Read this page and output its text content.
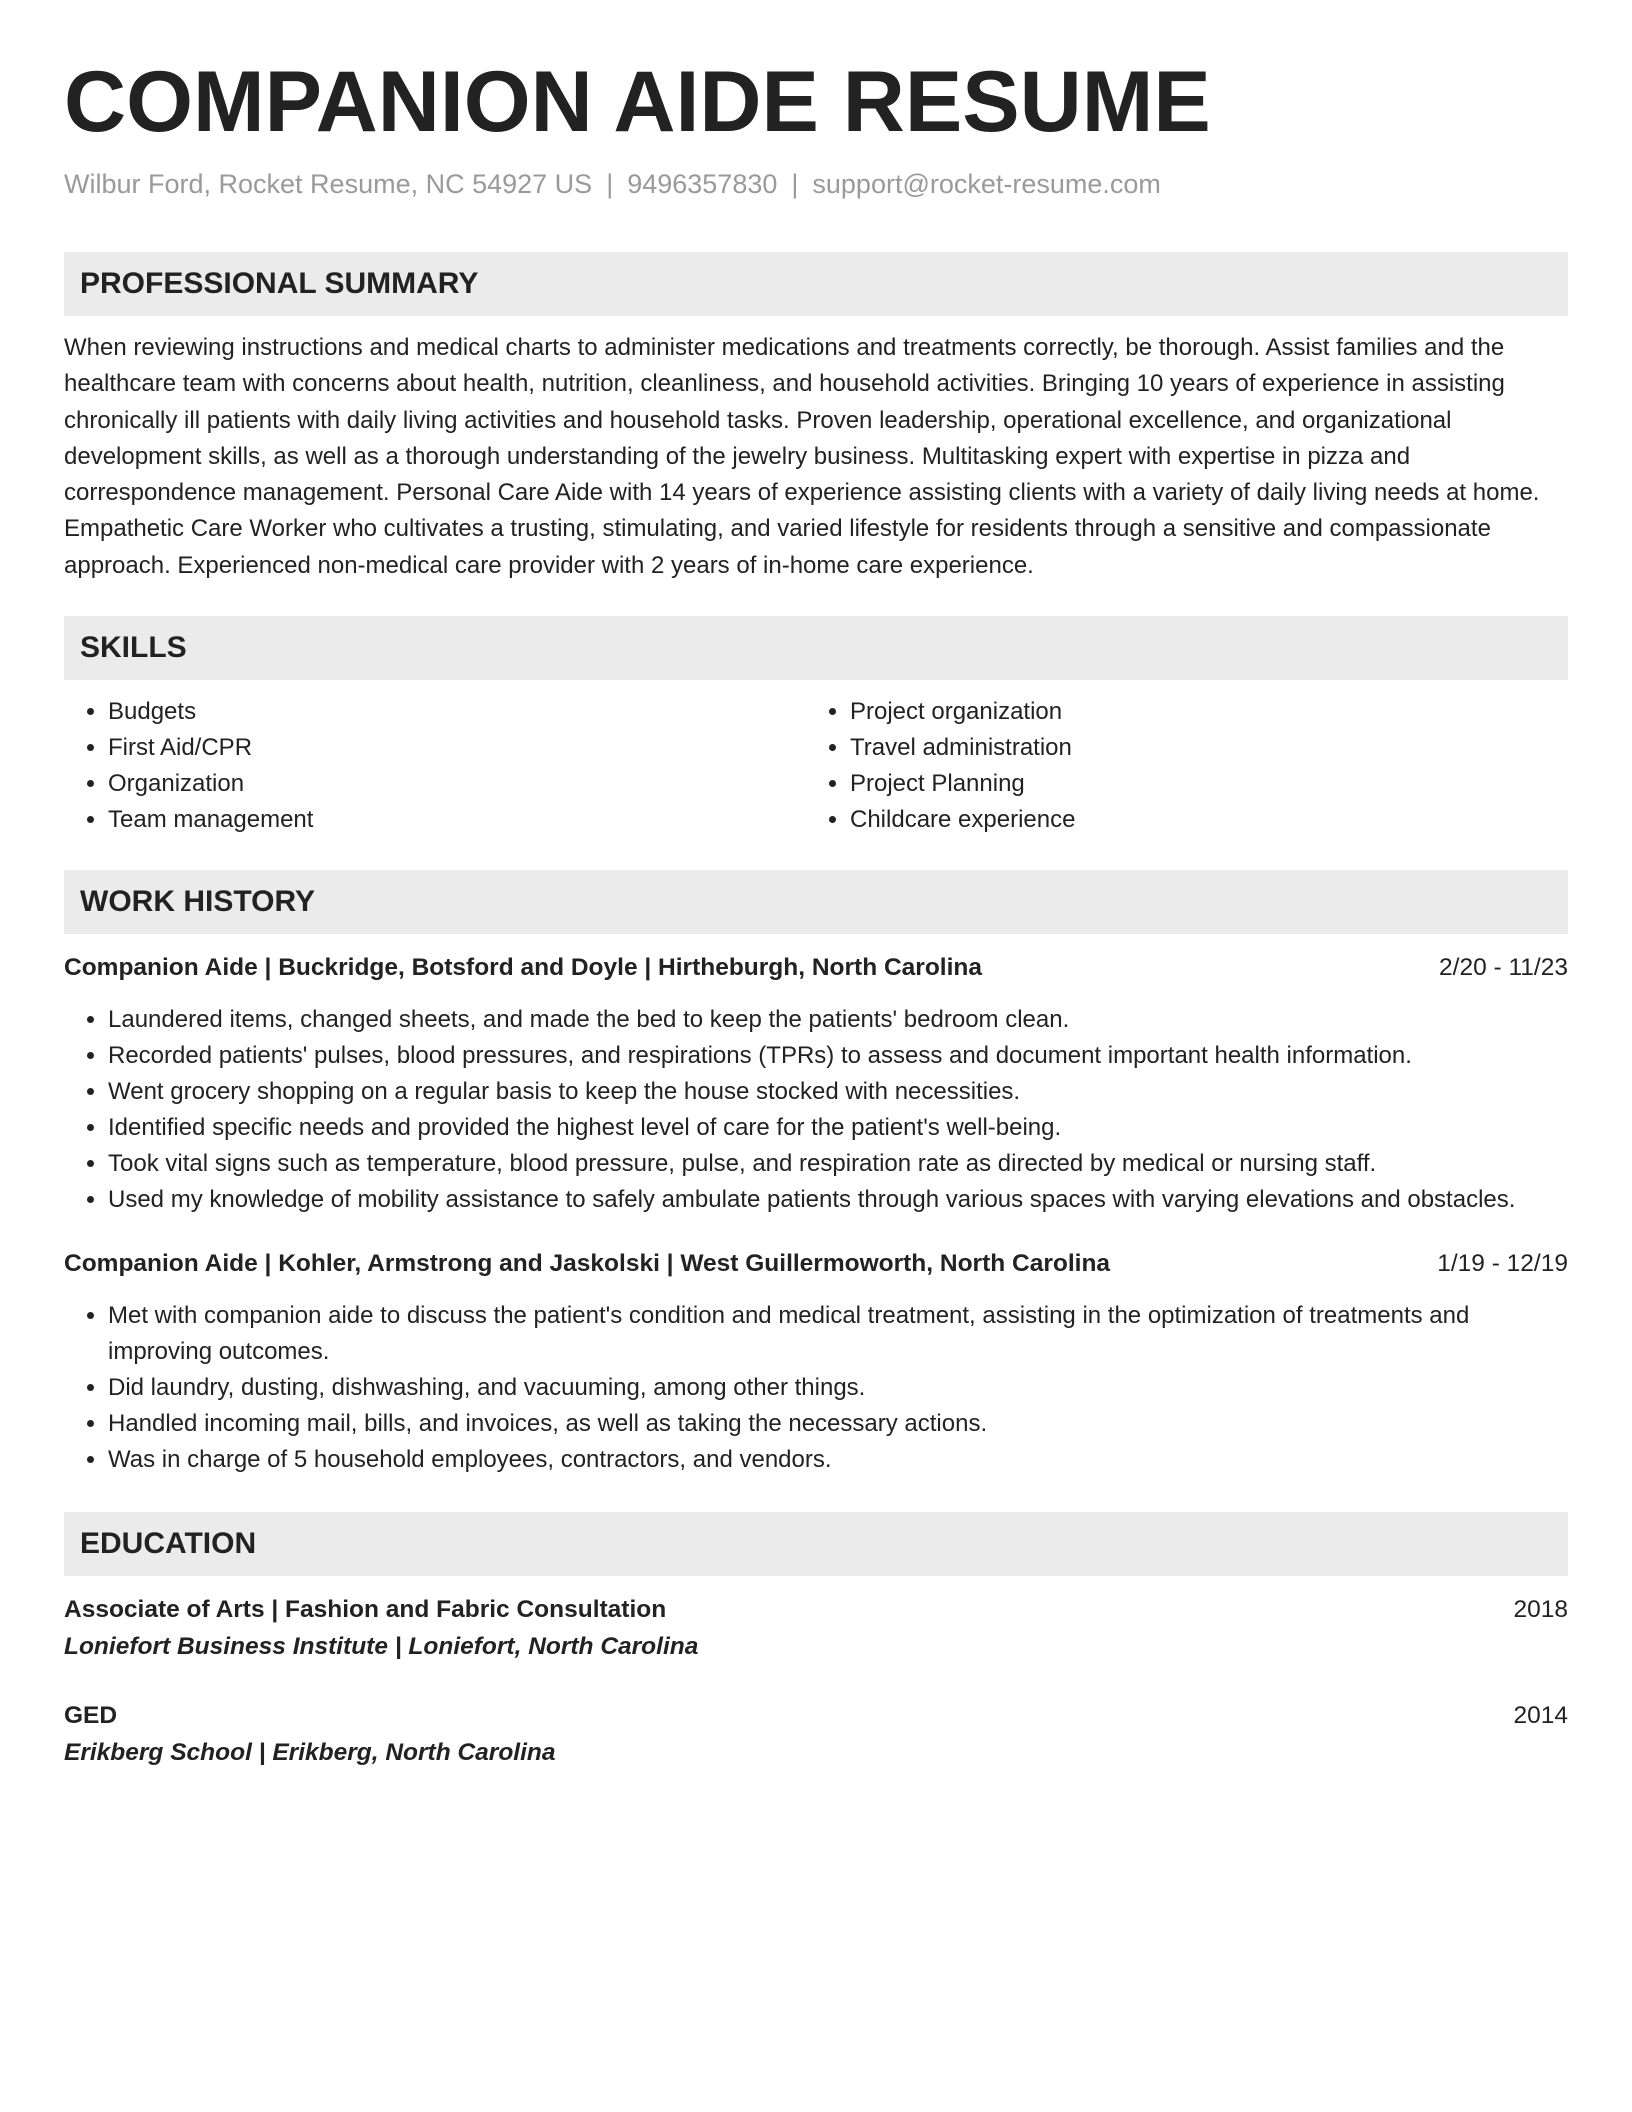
COMPANION AIDE RESUME
Wilbur Ford, Rocket Resume, NC 54927 US | 9496357830 | support@rocket-resume.com
PROFESSIONAL SUMMARY
When reviewing instructions and medical charts to administer medications and treatments correctly, be thorough. Assist families and the healthcare team with concerns about health, nutrition, cleanliness, and household activities. Bringing 10 years of experience in assisting chronically ill patients with daily living activities and household tasks. Proven leadership, operational excellence, and organizational development skills, as well as a thorough understanding of the jewelry business. Multitasking expert with expertise in pizza and correspondence management. Personal Care Aide with 14 years of experience assisting clients with a variety of daily living needs at home. Empathetic Care Worker who cultivates a trusting, stimulating, and varied lifestyle for residents through a sensitive and compassionate approach. Experienced non-medical care provider with 2 years of in-home care experience.
SKILLS
• Budgets
• First Aid/CPR
• Organization
• Team management
• Project organization
• Travel administration
• Project Planning
• Childcare experience
WORK HISTORY
Companion Aide | Buckridge, Botsford and Doyle | Hirtheburgh, North Carolina	2/20 - 11/23
• Laundered items, changed sheets, and made the bed to keep the patients' bedroom clean.
• Recorded patients' pulses, blood pressures, and respirations (TPRs) to assess and document important health information.
• Went grocery shopping on a regular basis to keep the house stocked with necessities.
• Identified specific needs and provided the highest level of care for the patient's well-being.
• Took vital signs such as temperature, blood pressure, pulse, and respiration rate as directed by medical or nursing staff.
• Used my knowledge of mobility assistance to safely ambulate patients through various spaces with varying elevations and obstacles.
Companion Aide | Kohler, Armstrong and Jaskolski | West Guillermoworth, North Carolina	1/19 - 12/19
• Met with companion aide to discuss the patient's condition and medical treatment, assisting in the optimization of treatments and improving outcomes.
• Did laundry, dusting, dishwashing, and vacuuming, among other things.
• Handled incoming mail, bills, and invoices, as well as taking the necessary actions.
• Was in charge of 5 household employees, contractors, and vendors.
EDUCATION
Associate of Arts | Fashion and Fabric Consultation	2018
Loniefort Business Institute | Loniefort, North Carolina
GED	2014
Erikberg School | Erikberg, North Carolina
